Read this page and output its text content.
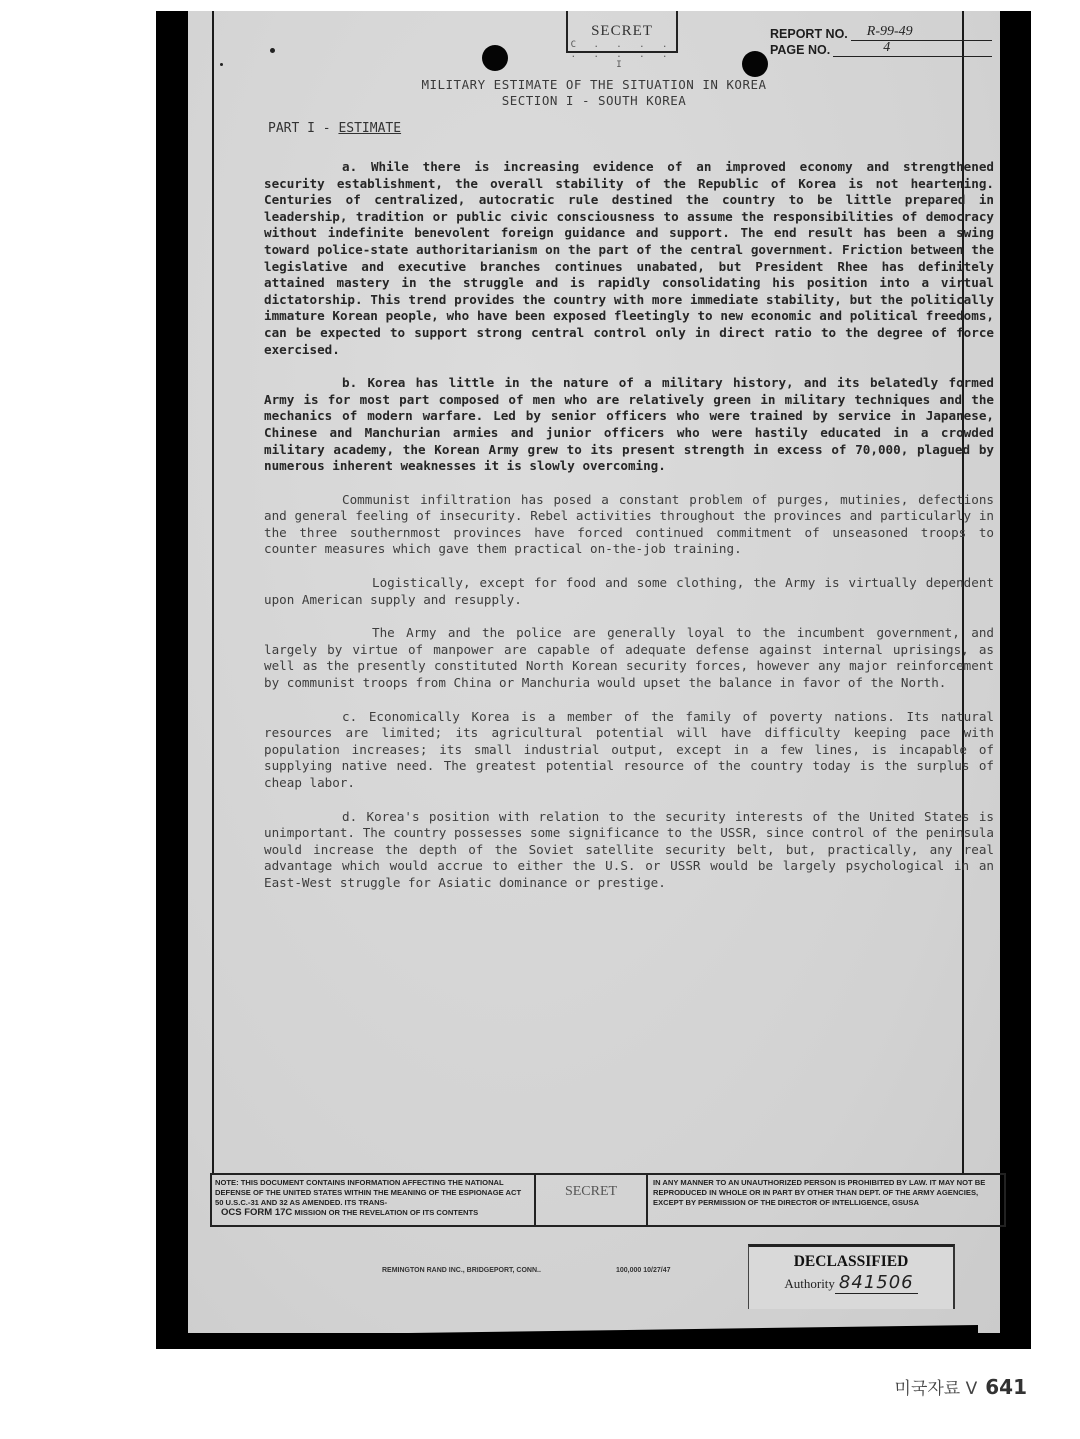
SECRET
C . . . . . . . . . I
REPORT NO.	R-99-49
PAGE NO.	4
MILITARY ESTIMATE OF THE SITUATION IN KOREA
SECTION I - SOUTH KOREA
PART I - ESTIMATE

a. While there is increasing evidence of an improved economy and strengthened security establishment, the overall stability of the Republic of Korea is not heartening. Centuries of centralized, autocratic rule destined the country to be little prepared in leadership, tradition or public civic consciousness to assume the responsibilities of democracy without indefinite benevolent foreign guidance and support. The end result has been a swing toward police-state authoritarianism on the part of the central government. Friction between the legislative and executive branches continues unabated, but President Rhee has definitely attained mastery in the struggle and is rapidly consolidating his position into a virtual dictatorship. This trend provides the country with more immediate stability, but the politically immature Korean people, who have been exposed fleetingly to new economic and political freedoms, can be expected to support strong central control only in direct ratio to the degree of force exercised.

b. Korea has little in the nature of a military history, and its belatedly formed Army is for most part composed of men who are relatively green in military techniques and the mechanics of modern warfare. Led by senior officers who were trained by service in Japanese, Chinese and Manchurian armies and junior officers who were hastily educated in a crowded military academy, the Korean Army grew to its present strength in excess of 70,000, plagued by numerous inherent weaknesses it is slowly overcoming.

Communist infiltration has posed a constant problem of purges, mutinies, defections and general feeling of insecurity. Rebel activities throughout the provinces and particularly in the three southernmost provinces have forced continued commitment of unseasoned troops to counter measures which gave them practical on-the-job training.

Logistically, except for food and some clothing, the Army is virtually dependent upon American supply and resupply.

The Army and the police are generally loyal to the incumbent government, and largely by virtue of manpower are capable of adequate defense against internal uprisings, as well as the presently constituted North Korean security forces, however any major reinforcement by communist troops from China or Manchuria would upset the balance in favor of the North.

c. Economically Korea is a member of the family of poverty nations. Its natural resources are limited; its agricultural potential will have difficulty keeping pace with population increases; its small industrial output, except in a few lines, is incapable of supplying native need. The greatest potential resource of the country today is the surplus of cheap labor.

d. Korea's position with relation to the security interests of the United States is unimportant. The country possesses some significance to the USSR, since control of the peninsula would increase the depth of the Soviet satellite security belt, but, practically, any real advantage which would accrue to either the U.S. or USSR would be largely psychological in an East-West struggle for Asiatic dominance or prestige.

NOTE: THIS DOCUMENT CONTAINS INFORMATION AFFECTING THE NATIONAL DEFENSE OF THE UNITED STATES WITHIN THE MEANING OF THE ESPIONAGE ACT 50 U.S.C.-31 AND 32 AS AMENDED. ITS TRANS-
OCS FORM 17C MISSION OR THE REVELATION OF ITS CONTENTS
SECRET
IN ANY MANNER TO AN UNAUTHORIZED PERSON IS PROHIBITED BY LAW. IT MAY NOT BE REPRODUCED IN WHOLE OR IN PART BY OTHER THAN DEPT. OF THE ARMY AGENCIES, EXCEPT BY PERMISSION OF THE DIRECTOR OF INTELLIGENCE, GSUSA
REMINGTON RAND INC., BRIDGEPORT, CONN..	100,000 10/27/47
DECLASSIFIED
Authority 841506
미국자료 V 641
